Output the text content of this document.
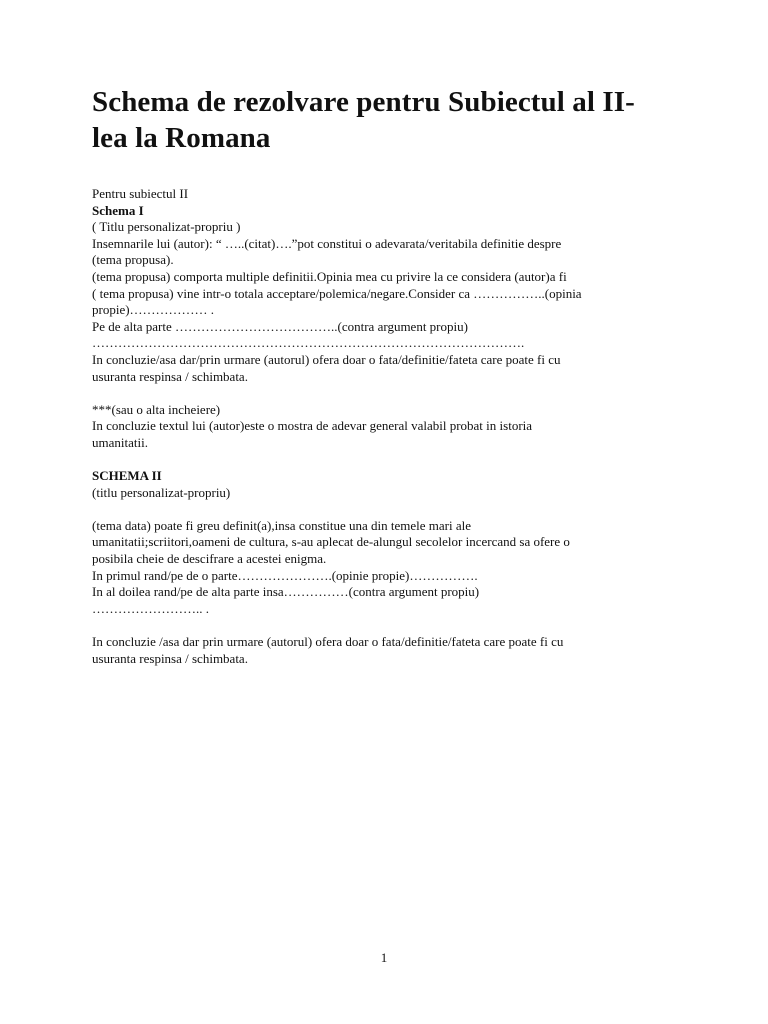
Schema de rezolvare pentru Subiectul al II-
lea la Romana

Pentru subiectul II

Schema I

( Titlu personalizat-propriu )

Insemnarile lui (autor): “ …..(citat)….”pot constitui o adevarata/veritabila definitie despre

(tema propusa).

(tema propusa) comporta multiple definitii.Opinia mea cu privire la ce considera (autor)a fi

( tema propusa) vine intr-o totala acceptare/polemica/negare.Consider ca ……………..(opinia

propie)……………… .

Pe de alta parte ………………………………..(contra argument propiu)

……………………………………………………………………………………….

In concluzie/asa dar/prin urmare (autorul) ofera doar o fata/definitie/fateta care poate fi cu

usuranta respinsa / schimbata.

***(sau o alta incheiere)

In concluzie textul lui (autor)este o mostra de adevar general valabil probat in istoria

umanitatii.

SCHEMA II

(titlu personalizat-propriu)

(tema data) poate fi greu definit(a),insa constitue una din temele mari ale

umanitatii;scriitori,oameni de cultura, s-au aplecat de-alungul secolelor incercand sa ofere o

posibila cheie de descifrare a acestei enigma.

In primul rand/pe de o parte………………….(opinie propie)…………….

In al doilea rand/pe de alta parte insa……………(contra argument propiu)

…………………….. .

In concluzie /asa dar prin urmare (autorul) ofera doar o fata/definitie/fateta care poate fi cu

usuranta respinsa / schimbata.

1
